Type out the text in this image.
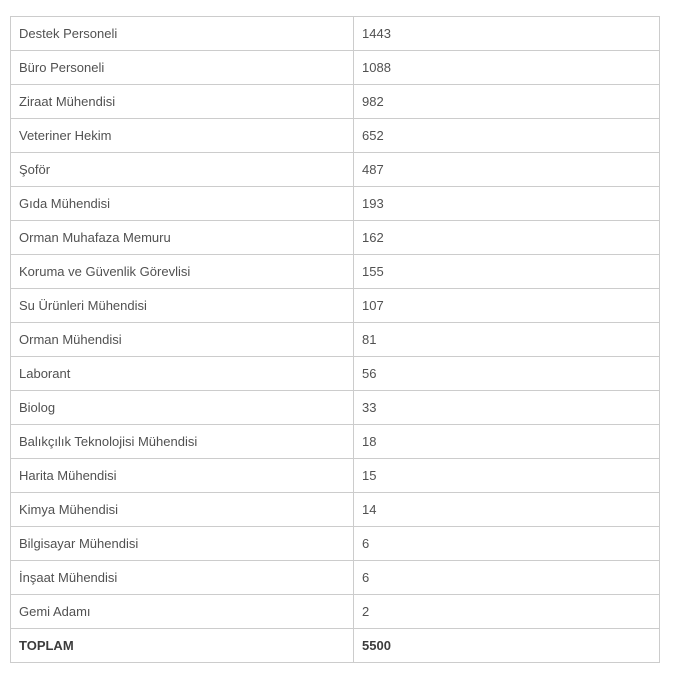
Destek Personeli	1443
Büro Personeli	1088
Ziraat Mühendisi	982
Veteriner Hekim	652
Şoför	487
Gıda Mühendisi	193
Orman Muhafaza Memuru	162
Koruma ve Güvenlik Görevlisi	155
Su Ürünleri Mühendisi	107
Orman Mühendisi	81
Laborant	56
Biolog	33
Balıkçılık Teknolojisi Mühendisi	18
Harita Mühendisi	15
Kimya Mühendisi	14
Bilgisayar Mühendisi	6
İnşaat Mühendisi	6
Gemi Adamı	2
TOPLAM	5500
